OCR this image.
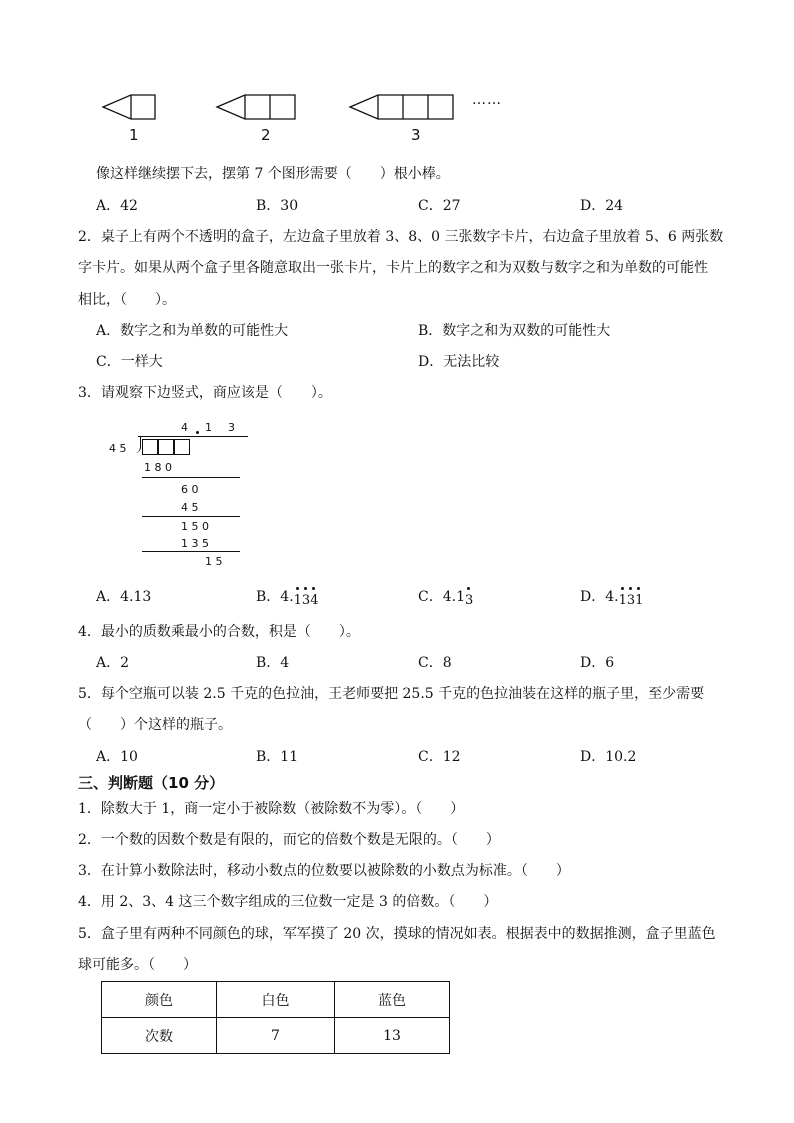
……
1	2	3
像这样继续摆下去，摆第 7 个图形需要（　　）根小棒。
A．42	B．30	C．27	D．24
2．桌子上有两个不透明的盒子，左边盒子里放着 3、8、0 三张数字卡片，右边盒子里放着 5、6 两张数
字卡片。如果从两个盒子里各随意取出一张卡片，卡片上的数字之和为双数与数字之和为单数的可能性
相比，（　　）。
A．数字之和为单数的可能性大	B．数字之和为双数的可能性大
C．一样大	D．无法比较
3．请观察下边竖式，商应该是（　　）。
4 1 3
4 5
1 8 0
6 0
4 5
1 5 0
1 3 5
1 5
A．4.13	B．4.134	C．4.13	D．4.131
4．最小的质数乘最小的合数，积是（　　）。
A．2	B．4	C．8	D．6
5．每个空瓶可以装 2.5 千克的色拉油，王老师要把 25.5 千克的色拉油装在这样的瓶子里，至少需要
（　　）个这样的瓶子。
A．10	B．11	C．12	D．10.2
三、判断题（10 分）
1．除数大于 1，商一定小于被除数（被除数不为零）。（　　）
2．一个数的因数个数是有限的，而它的倍数个数是无限的。（　　）
3．在计算小数除法时，移动小数点的位数要以被除数的小数点为标准。（　　）
4．用 2、3、4 这三个数字组成的三位数一定是 3 的倍数。（　　）
5．盒子里有两种不同颜色的球，军军摸了 20 次，摸球的情况如表。根据表中的数据推测，盒子里蓝色
球可能多。（　　）
颜色	白色	蓝色
次数	7	13
